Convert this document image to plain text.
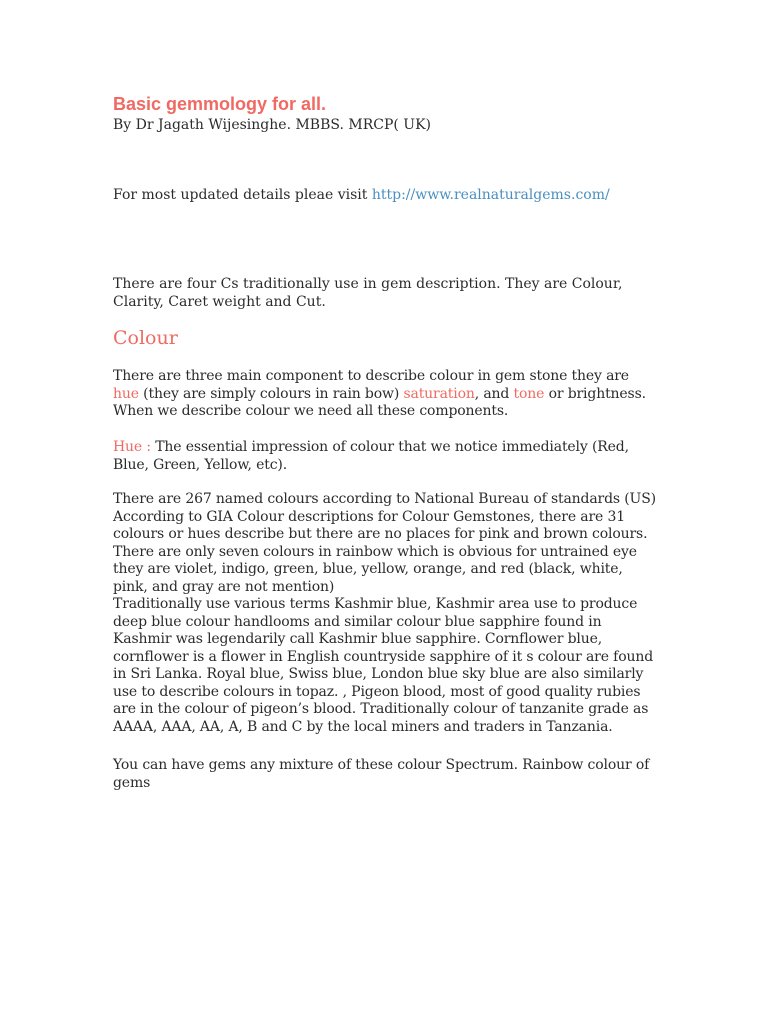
Basic gemmology for all.

By Dr Jagath Wijesinghe. MBBS. MRCP( UK)

For most updated details pleae visit http://www.realnaturalgems.com/

There are four Cs traditionally use in gem description. They are Colour, Clarity, Caret weight and Cut.

Colour

There are three main component to describe colour in gem stone they are hue (they are simply colours in rain bow) saturation, and tone or brightness. When we describe colour we need all these components.

Hue : The essential impression of colour that we notice immediately (Red, Blue, Green, Yellow, etc).

There are 267 named colours according to National Bureau of standards (US)
According to GIA Colour descriptions for Colour Gemstones, there are 31 colours or hues describe but there are no places for pink and brown colours.
There are only seven colours in rainbow which is obvious for untrained eye they are violet, indigo, green, blue, yellow, orange, and red (black, white, pink, and gray are not mention)
Traditionally use various terms Kashmir blue, Kashmir area use to produce deep blue colour handlooms and similar colour blue sapphire found in Kashmir was legendarily call Kashmir blue sapphire. Cornflower blue, cornflower is a flower in English countryside sapphire of it s colour are found in Sri Lanka. Royal blue, Swiss blue, London blue sky blue are also similarly use to describe colours in topaz. , Pigeon blood, most of good quality rubies are in the colour of pigeon’s blood. Traditionally colour of tanzanite grade as AAAA, AAA, AA, A, B and C by the local miners and traders in Tanzania.

You can have gems any mixture of these colour Spectrum. Rainbow colour of gems
